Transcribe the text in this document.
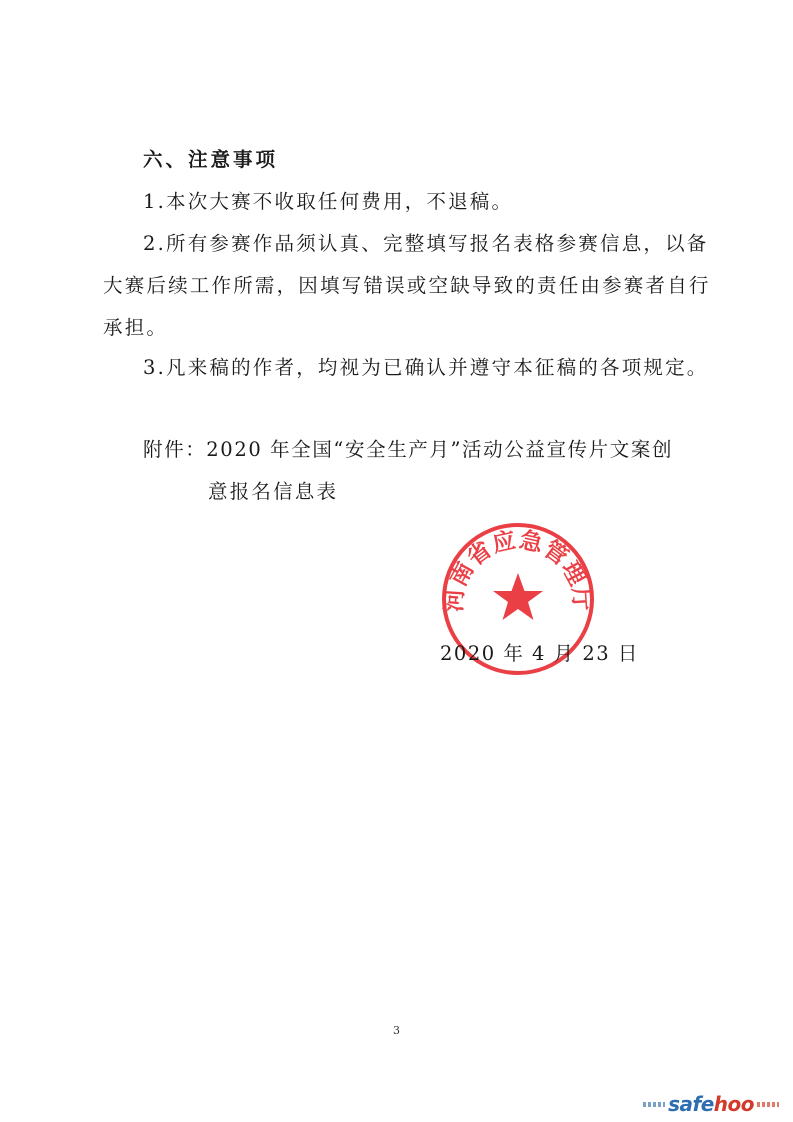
六、注意事项
1.本次大赛不收取任何费用，不退稿。
2.所有参赛作品须认真、完整填写报名表格参赛信息，以备
大赛后续工作所需，因填写错误或空缺导致的责任由参赛者自行
承担。
3.凡来稿的作者，均视为已确认并遵守本征稿的各项规定。
附件：2020 年全国“安全生产月”活动公益宣传片文案创
意报名信息表
河南省应急管理厅
2020 年 4 月 23 日
3
safehoo
